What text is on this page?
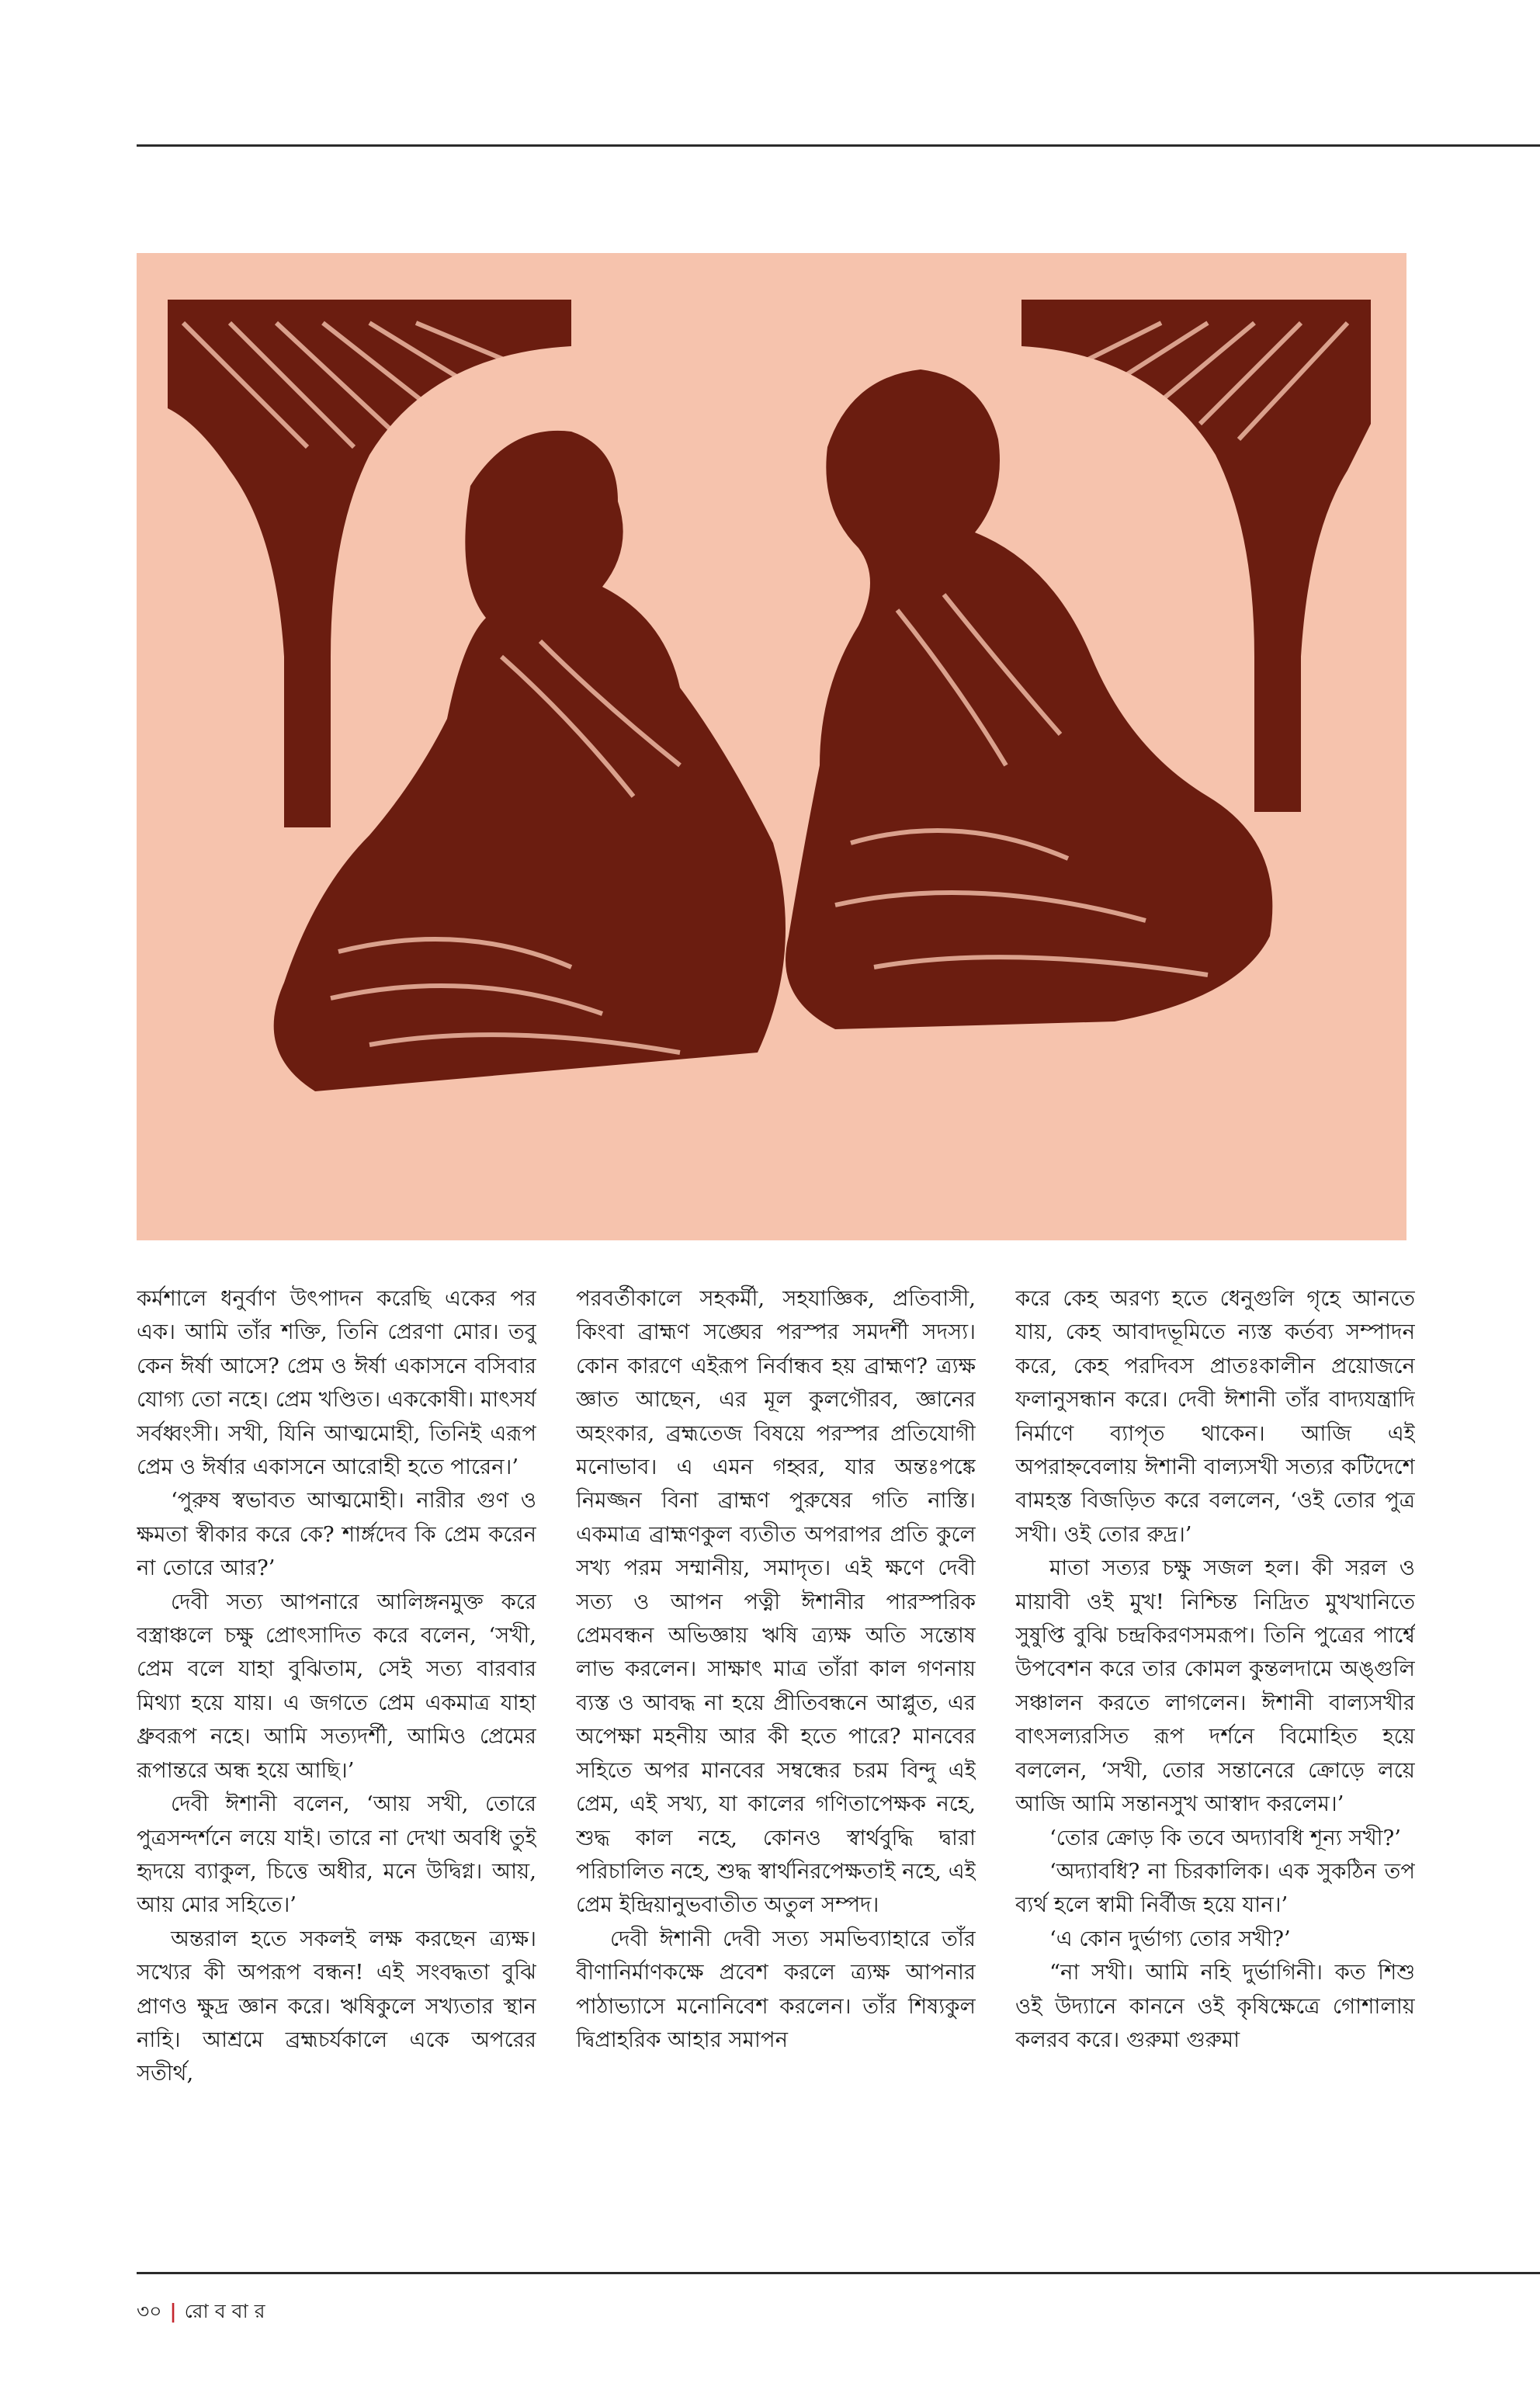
কর্মশালে ধনুর্বাণ উৎপাদন করেছি একের পর এক। আমি তাঁর শক্তি, তিনি প্রেরণা মোর। তবু কেন ঈর্ষা আসে? প্রেম ও ঈর্ষা একাসনে বসিবার যোগ্য তো নহে। প্রেম খণ্ডিত। এককোষী। মাৎসর্য সর্বধ্বংসী। সখী, যিনি আত্মমোহী, তিনিই এরূপ প্রেম ও ঈর্ষার একাসনে আরোহী হতে পারেন।’

‘পুরুষ স্বভাবত আত্মমোহী। নারীর গুণ ও ক্ষমতা স্বীকার করে কে? শার্ঙ্গদেব কি প্রেম করেন না তোরে আর?’

দেবী সত্য আপনারে আলিঙ্গনমুক্ত করে বস্ত্রাঞ্চলে চক্ষু প্রোৎসাদিত করে বলেন, ‘সখী, প্রেম বলে যাহা বুঝিতাম, সেই সত্য বারবার মিথ্যা হয়ে যায়। এ জগতে প্রেম একমাত্র যাহা ধ্রুবরূপ নহে। আমি সত্যদর্শী, আমিও প্রেমের রূপান্তরে অন্ধ হয়ে আছি।’

দেবী ঈশানী বলেন, ‘আয় সখী, তোরে পুত্রসন্দর্শনে লয়ে যাই। তারে না দেখা অবধি তুই হৃদয়ে ব্যাকুল, চিত্তে অধীর, মনে উদ্বিগ্ন। আয়, আয় মোর সহিতে।’

অন্তরাল হতে সকলই লক্ষ করছেন ত্র্যক্ষ। সখ্যের কী অপরূপ বন্ধন! এই সংবদ্ধতা বুঝি প্রাণও ক্ষুদ্র জ্ঞান করে। ঋষিকুলে সখ্যতার স্থান নাহি। আশ্রমে ব্রহ্মচর্যকালে একে অপরের সতীর্থ,

পরবর্তীকালে সহকর্মী, সহযাজ্ঞিক, প্রতিবাসী, কিংবা ব্রাহ্মণ সঙ্ঘের পরস্পর সমদর্শী সদস্য। কোন কারণে এইরূপ নির্বান্ধব হয় ব্রাহ্মণ? ত্র্যক্ষ জ্ঞাত আছেন, এর মূল কুলগৌরব, জ্ঞানের অহংকার, ব্রহ্মতেজ বিষয়ে পরস্পর প্রতিযোগী মনোভাব। এ এমন গহ্বর, যার অন্তঃপঙ্কে নিমজ্জন বিনা ব্রাহ্মণ পুরুষের গতি নাস্তি। একমাত্র ব্রাহ্মণকুল ব্যতীত অপরাপর প্রতি কুলে সখ্য পরম সম্মানীয়, সমাদৃত। এই ক্ষণে দেবী সত্য ও আপন পত্নী ঈশানীর পারস্পরিক প্রেমবন্ধন অভিজ্ঞায় ঋষি ত্র্যক্ষ অতি সন্তোষ লাভ করলেন। সাক্ষাৎ মাত্র তাঁরা কাল গণনায় ব্যস্ত ও আবদ্ধ না হয়ে প্রীতিবন্ধনে আপ্লুত, এর অপেক্ষা মহনীয় আর কী হতে পারে? মানবের সহিতে অপর মানবের সম্বন্ধের চরম বিন্দু এই প্রেম, এই সখ্য, যা কালের গণিতাপেক্ষক নহে, শুদ্ধ কাল নহে, কোনও স্বার্থবুদ্ধি দ্বারা পরিচালিত নহে, শুদ্ধ স্বার্থনিরপেক্ষতাই নহে, এই প্রেম ইন্দ্রিয়ানুভবাতীত অতুল সম্পদ।

দেবী ঈশানী দেবী সত্য সমভিব্যাহারে তাঁর বীণানির্মাণকক্ষে প্রবেশ করলে ত্র্যক্ষ আপনার পাঠাভ্যাসে মনোনিবেশ করলেন। তাঁর শিষ্যকুল দ্বিপ্রাহরিক আহার সমাপন

করে কেহ অরণ্য হতে ধেনুগুলি গৃহে আনতে যায়, কেহ আবাদভূমিতে ন্যস্ত কর্তব্য সম্পাদন করে, কেহ পরদিবস প্রাতঃকালীন প্রয়োজনে ফলানুসন্ধান করে। দেবী ঈশানী তাঁর বাদ্যযন্ত্রাদি নির্মাণে ব্যাপৃত থাকেন। আজি এই অপরাহ্নবেলায় ঈশানী বাল্যসখী সত্যর কটিদেশে বামহস্ত বিজড়িত করে বললেন, ‘ওই তোর পুত্র সখী। ওই তোর রুদ্র।’

মাতা সত্যর চক্ষু সজল হল। কী সরল ও মায়াবী ওই মুখ! নিশ্চিন্ত নিদ্রিত মুখখানিতে সুষুপ্তি বুঝি চন্দ্রকিরণসমরূপ। তিনি পুত্রের পার্শ্বে উপবেশন করে তার কোমল কুন্তলদামে অঙ্গুলি সঞ্চালন করতে লাগলেন। ঈশানী বাল্যসখীর বাৎসল্যরসিত রূপ দর্শনে বিমোহিত হয়ে বললেন, ‘সখী, তোর সন্তানেরে ক্রোড়ে লয়ে আজি আমি সন্তানসুখ আস্বাদ করলেম।’

‘তোর ক্রোড় কি তবে অদ্যাবধি শূন্য সখী?’

‘অদ্যাবধি? না চিরকালিক। এক সুকঠিন তপ ব্যর্থ হলে স্বামী নির্বীজ হয়ে যান।’

‘এ কোন দুর্ভাগ্য তোর সখী?’

“না সখী। আমি নহি দুর্ভাগিনী। কত শিশু ওই উদ্যানে কাননে ওই কৃষিক্ষেত্রে গোশালায় কলরব করে। গুরুমা গুরুমা

৩০ | রো ব বা র
